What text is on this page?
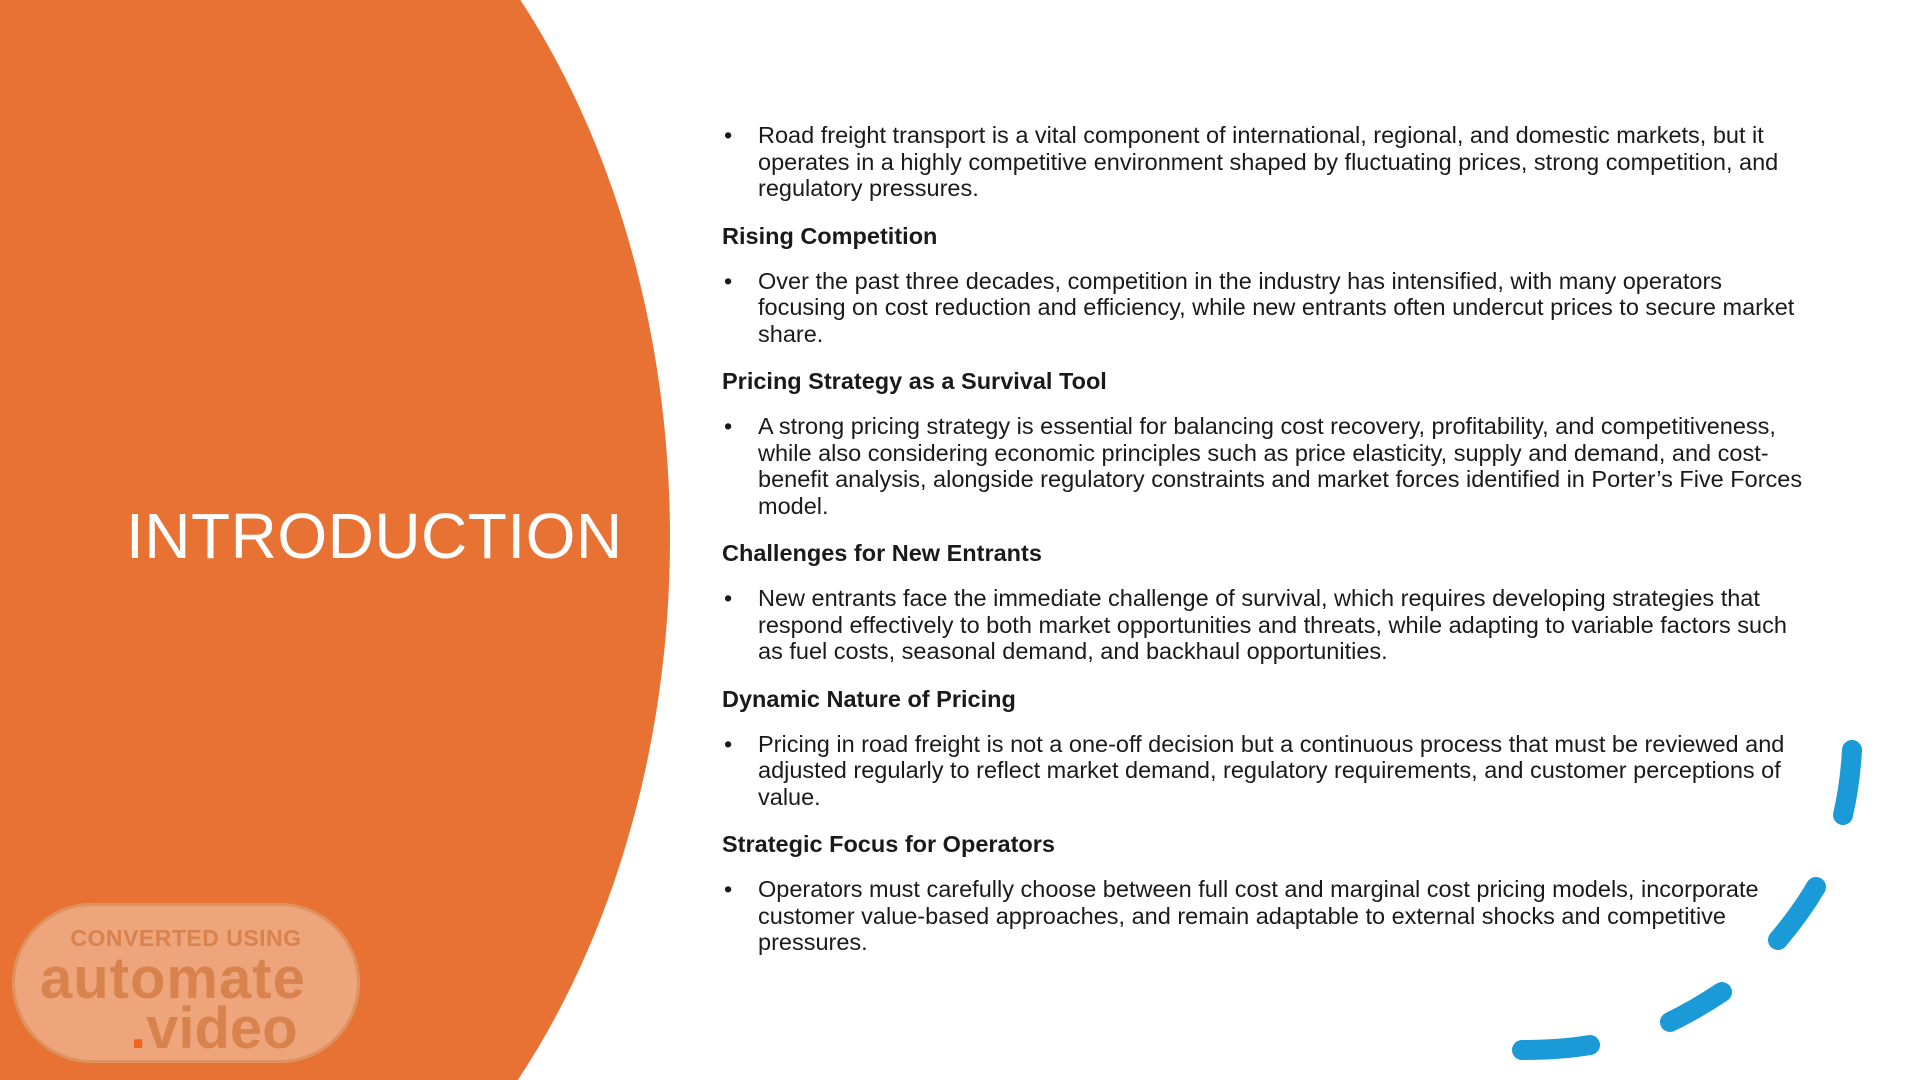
INTRODUCTION

• Road freight transport is a vital component of international, regional, and domestic markets, but it operates in a highly competitive environment shaped by fluctuating prices, strong competition, and regulatory pressures.

Rising Competition

• Over the past three decades, competition in the industry has intensified, with many operators focusing on cost reduction and efficiency, while new entrants often undercut prices to secure market share.

Pricing Strategy as a Survival Tool

• A strong pricing strategy is essential for balancing cost recovery, profitability, and competitiveness, while also considering economic principles such as price elasticity, supply and demand, and cost-benefit analysis, alongside regulatory constraints and market forces identified in Porter’s Five Forces model.

Challenges for New Entrants

• New entrants face the immediate challenge of survival, which requires developing strategies that respond effectively to both market opportunities and threats, while adapting to variable factors such as fuel costs, seasonal demand, and backhaul opportunities.

Dynamic Nature of Pricing

• Pricing in road freight is not a one-off decision but a continuous process that must be reviewed and adjusted regularly to reflect market demand, regulatory requirements, and customer perceptions of value.

Strategic Focus for Operators

• Operators must carefully choose between full cost and marginal cost pricing models, incorporate customer value-based approaches, and remain adaptable to external shocks and competitive pressures.

CONVERTED USING
automate
.video
